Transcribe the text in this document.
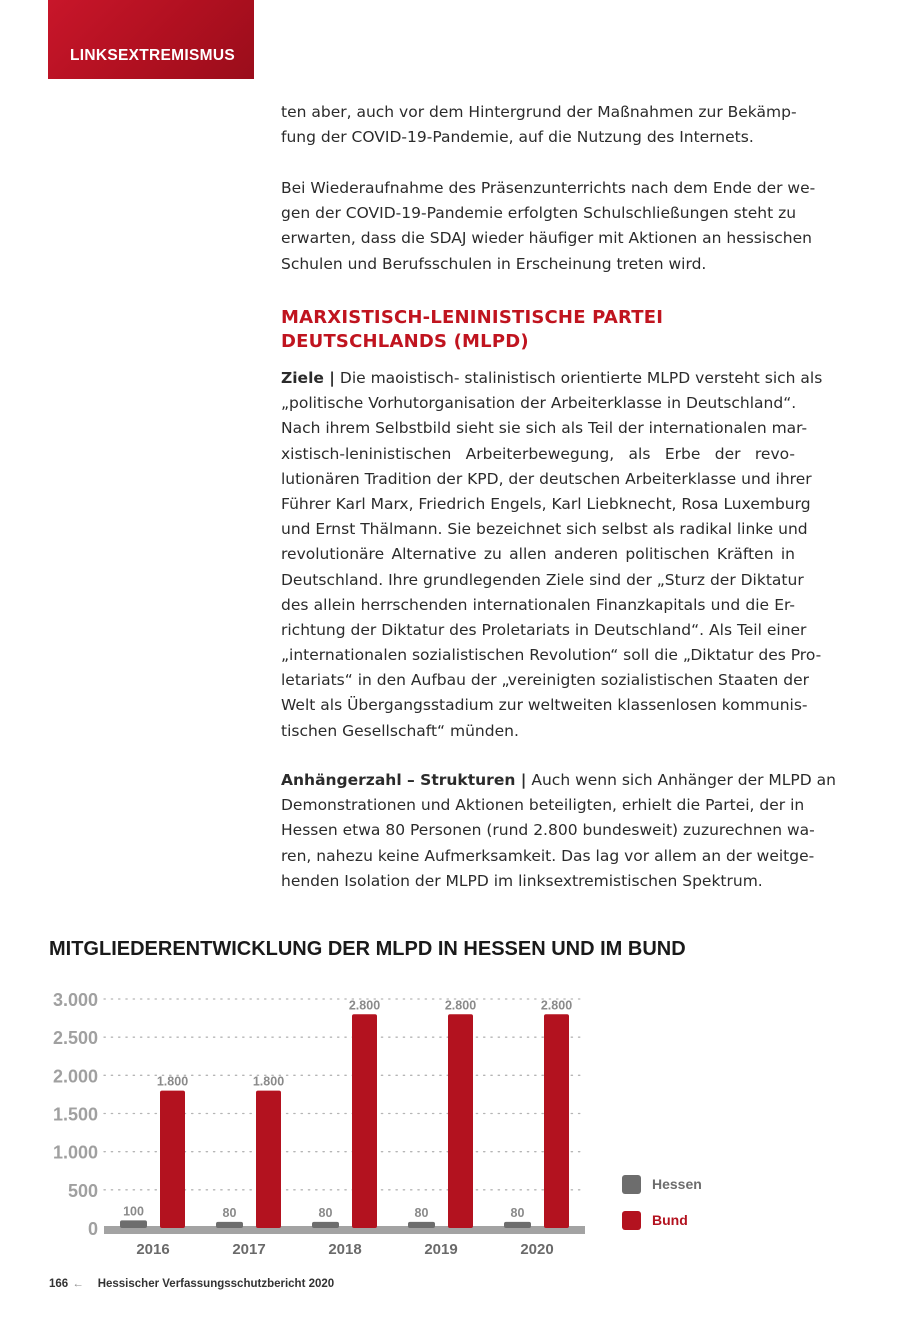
LINKSEXTREMISMUS
ten aber, auch vor dem Hintergrund der Maßnahmen zur Bekämp-
fung der COVID-19-Pandemie, auf die Nutzung des Internets.
Bei Wiederaufnahme des Präsenzunterrichts nach dem Ende der we-
gen der COVID-19-Pandemie erfolgten Schulschließungen steht zu
erwarten, dass die SDAJ wieder häufiger mit Aktionen an hessischen
Schulen und Berufsschulen in Erscheinung treten wird.
MARXISTISCH-LENINISTISCHE PARTEI
DEUTSCHLANDS (MLPD)
Ziele | Die maoistisch- stalinistisch orientierte MLPD versteht sich als
„politische Vorhutorganisation der Arbeiterklasse in Deutschland“.
Nach ihrem Selbstbild sieht sie sich als Teil der internationalen mar-
xistisch-leninistischen Arbeiterbewegung, als Erbe der revo-
lutionären Tradition der KPD, der deutschen Arbeiterklasse und ihrer
Führer Karl Marx, Friedrich Engels, Karl Liebknecht, Rosa Luxemburg
und Ernst Thälmann. Sie bezeichnet sich selbst als radikal linke und
revolutionäre Alternative zu allen anderen politischen Kräften in
Deutschland. Ihre grundlegenden Ziele sind der „Sturz der Diktatur
des allein herrschenden internationalen Finanzkapitals und die Er-
richtung der Diktatur des Proletariats in Deutschland“. Als Teil einer
„internationalen sozialistischen Revolution“ soll die „Diktatur des Pro-
letariats“ in den Aufbau der „vereinigten sozialistischen Staaten der
Welt als Übergangsstadium zur weltweiten klassenlosen kommunis-
tischen Gesellschaft“ münden.
Anhängerzahl – Strukturen | Auch wenn sich Anhänger der MLPD an
Demonstrationen und Aktionen beteiligten, erhielt die Partei, der in
Hessen etwa 80 Personen (rund 2.800 bundesweit) zuzurechnen wa-
ren, nahezu keine Aufmerksamkeit. Das lag vor allem an der weitge-
henden Isolation der MLPD im linksextremistischen Spektrum.
MITGLIEDERENTWICKLUNG DER MLPD IN HESSEN UND IM BUND
0
500
1.000
1.500
2.000
2.500
3.000
100
1.800
2016
80
1.800
2017
80
2.800
2018
80
2.800
2019
80
2.800
2020
Hessen
Bund
166 ← Hessischer Verfassungsschutzbericht 2020
